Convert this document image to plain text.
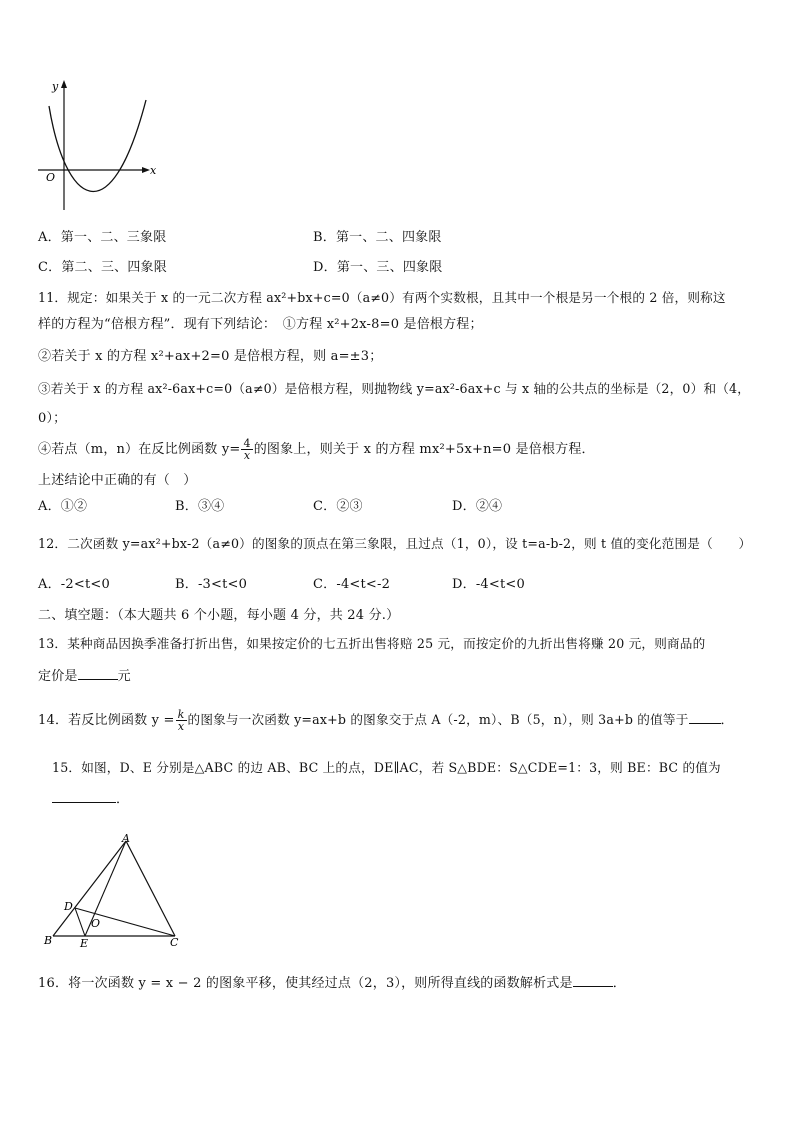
y
x
O
A．第一、二、三象限	B．第一、二、四象限
C．第二、三、四象限	D．第一、三、四象限
11．规定：如果关于 x 的一元二次方程 ax²+bx+c=0（a≠0）有两个实数根，且其中一个根是另一个根的 2 倍，则称这
样的方程为“倍根方程”．现有下列结论：　①方程 x²+2x-8=0 是倍根方程；
②若关于 x 的方程 x²+ax+2=0 是倍根方程，则 a=±3；
③若关于 x 的方程 ax²-6ax+c=0（a≠0）是倍根方程，则抛物线 y=ax²-6ax+c 与 x 轴的公共点的坐标是（2，0）和（4，
0）；
④若点（m，n）在反比例函数 $y= \frac{4}{x}$ 的图象上，则关于 x 的方程 mx²+5x+n=0 是倍根方程．
上述结论中正确的有（　）
A．①②	B．③④	C．②③	D．②④
12．二次函数 y=ax²+bx-2（a≠0）的图象的顶点在第三象限，且过点（1，0），设 t=a-b-2，则 t 值的变化范围是（　　）
A．-2<t<0	B．-3<t<0	C．-4<t<-2	D．-4<t<0
二、填空题：（本大题共 6 个小题，每小题 4 分，共 24 分.）
13．某种商品因换季准备打折出售，如果按定价的七五折出售将赔 25 元，而按定价的九折出售将赚 20 元，则商品的
定价是	元
14．若反比例函数 $y = \frac{k}{x}$ 的图象与一次函数 y=ax+b 的图象交于点 A（-2，m）、B（5，n），则 3a+b 的值等于 ．
15．如图，D、E 分别是△ABC 的边 AB、BC 上的点，DE∥AC，若 S△BDE：S△CDE=1：3，则 BE：BC 的值为
．
A
B	C
D
E
O
16．将一次函数 y = x − 2 的图象平移，使其经过点（2，3），则所得直线的函数解析式是	．
